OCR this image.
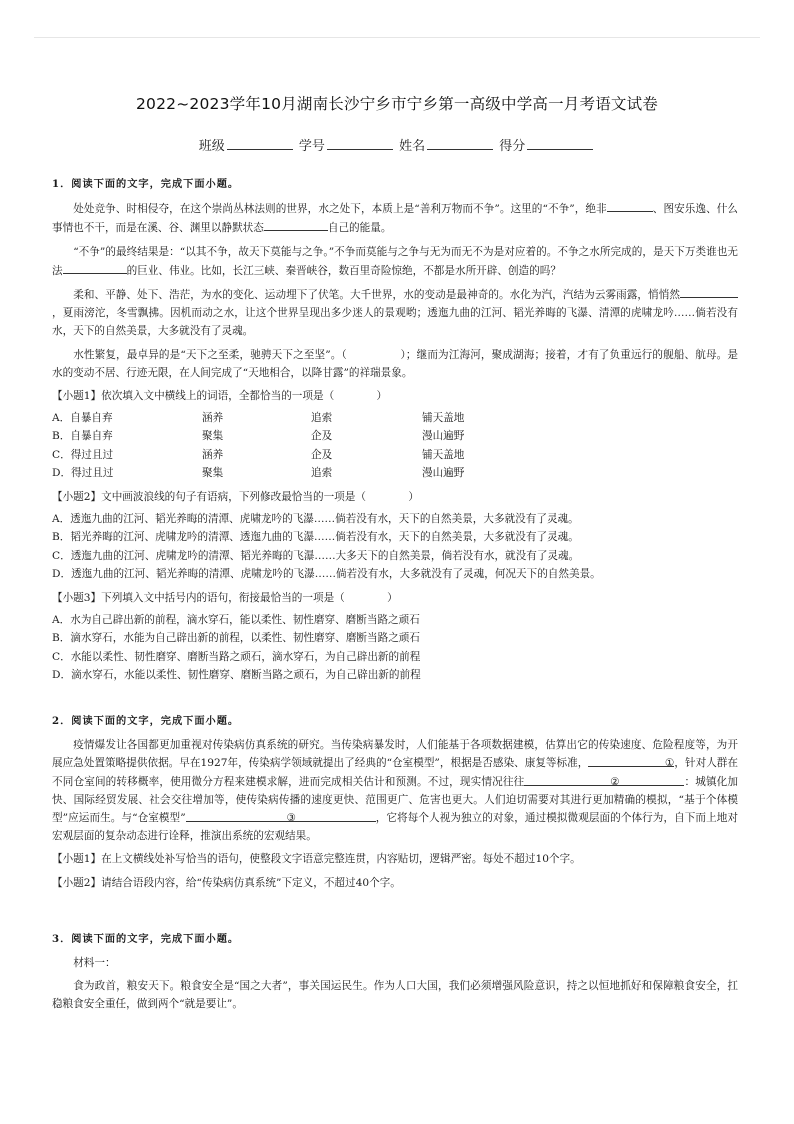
2022~2023学年10月湖南长沙宁乡市宁乡第一高级中学高一月考语文试卷
班级	学号	姓名	得分
1．阅读下面的文字，完成下面小题。

处处竞争、时相侵夺，在这个崇尚丛林法则的世界，水之处下，本质上是“善利万物而不争”。这里的“不争”，绝非	、图安乐逸、什么事情也不干，而是在溪、谷、渊里以静默状态	自己的能量。

“不争”的最终结果是：“以其不争，故天下莫能与之争。”不争而莫能与之争与无为而无不为是对应着的。不争之水所完成的，是天下万类谁也无法	的巨业、伟业。比如，长江三峡、秦晋峡谷，数百里奇险惊绝，不都是水所开辟、创造的吗？

柔和、平静、处下、浩茫，为水的变化、运动埋下了伏笔。大千世界，水的变动是最神奇的。水化为汽，汽结为云雾雨露，悄悄然，夏雨滂沱，冬雪飘拂。因机而动之水，让这个世界呈现出多少迷人的景观哟；透迤九曲的江河、韬光养晦的飞瀑、清潭的虎啸龙吟……倘若没有水，天下的自然美景，大多就没有了灵魂。

水性繁复，最卓异的是“天下之至柔，驰骋天下之至坚”。（　　　　　）；继而为江海河，聚成湖海；接着，才有了负重远行的舰船、航母。是水的变动不居、行迹无限，在人间完成了“天地相合，以降甘露”的祥瑞景象。

【小题1】依次填入文中横线上的词语，全都恰当的一项是（　　　　）
A．自暴自弃	涵养	追索	铺天盖地
B．自暴自弃	聚集	企及	漫山遍野
C．得过且过	涵养	企及	铺天盖地
D．得过且过	聚集	追索	漫山遍野
【小题2】文中画波浪线的句子有语病，下列修改最恰当的一项是（　　　　）
A．透迤九曲的江河、韬光养晦的清潭、虎啸龙吟的飞瀑……倘若没有水，天下的自然美景，大多就没有了灵魂。
B．韬光养晦的江河、虎啸龙吟的清潭、透迤九曲的飞瀑……倘若没有水，天下的自然美景，大多就没有了灵魂。
C．透迤九曲的江河、虎啸龙吟的清潭、韬光养晦的飞瀑……大多天下的自然美景，倘若没有水，就没有了灵魂。
D．透迤九曲的江河、韬光养晦的清潭、虎啸龙吟的飞瀑……倘若没有水，大多就没有了灵魂，何况天下的自然美景。
【小题3】下列填入文中括号内的语句，衔接最恰当的一项是（　　　　）
A．水为自己辟出新的前程，滴水穿石，能以柔性、韧性磨穿、磨断当路之顽石
B．滴水穿石，水能为自己辟出新的前程，以柔性、韧性磨穿、磨断当路之顽石
C．水能以柔性、韧性磨穿、磨断当路之顽石，滴水穿石，为自己辟出新的前程
D．滴水穿石，水能以柔性、韧性磨穿、磨断当路之顽石，为自己辟出新的前程
2．阅读下面的文字，完成下面小题。

疫情爆发让各国都更加重视对传染病仿真系统的研究。当传染病暴发时，人们能基于各项数据建模，估算出它的传染速度、危险程度等，为开展应急处置策略提供依据。早在1927年，传染病学领域就提出了经典的“仓室模型”，根据是否感染、康复等标准，	①，针对人群在不同仓室间的转移概率，使用微分方程来建模求解，进而完成相关估计和预测。不过，现实情况往往	②	：城镇化加快、国际经贸发展、社会交往增加等，使传染病传播的速度更快、范围更广、危害也更大。人们迫切需要对其进行更加精确的模拟，“基于个体模型”应运而生。与“仓室模型”	③	，它将每个人视为独立的对象，通过模拟微观层面的个体行为，自下而上地对宏观层面的复杂动态进行诠释，推演出系统的宏观结果。

【小题1】在上文横线处补写恰当的语句，使整段文字语意完整连贯，内容贴切，逻辑严密。每处不超过10个字。
【小题2】请结合语段内容，给“传染病仿真系统”下定义，不超过40个字。
3．阅读下面的文字，完成下面小题。

材料一：

食为政首，粮安天下。粮食安全是“国之大者”，事关国运民生。作为人口大国，我们必须增强风险意识，持之以恒地抓好和保障粮食安全，扛稳粮食安全重任，做到两个“就是要让”。
